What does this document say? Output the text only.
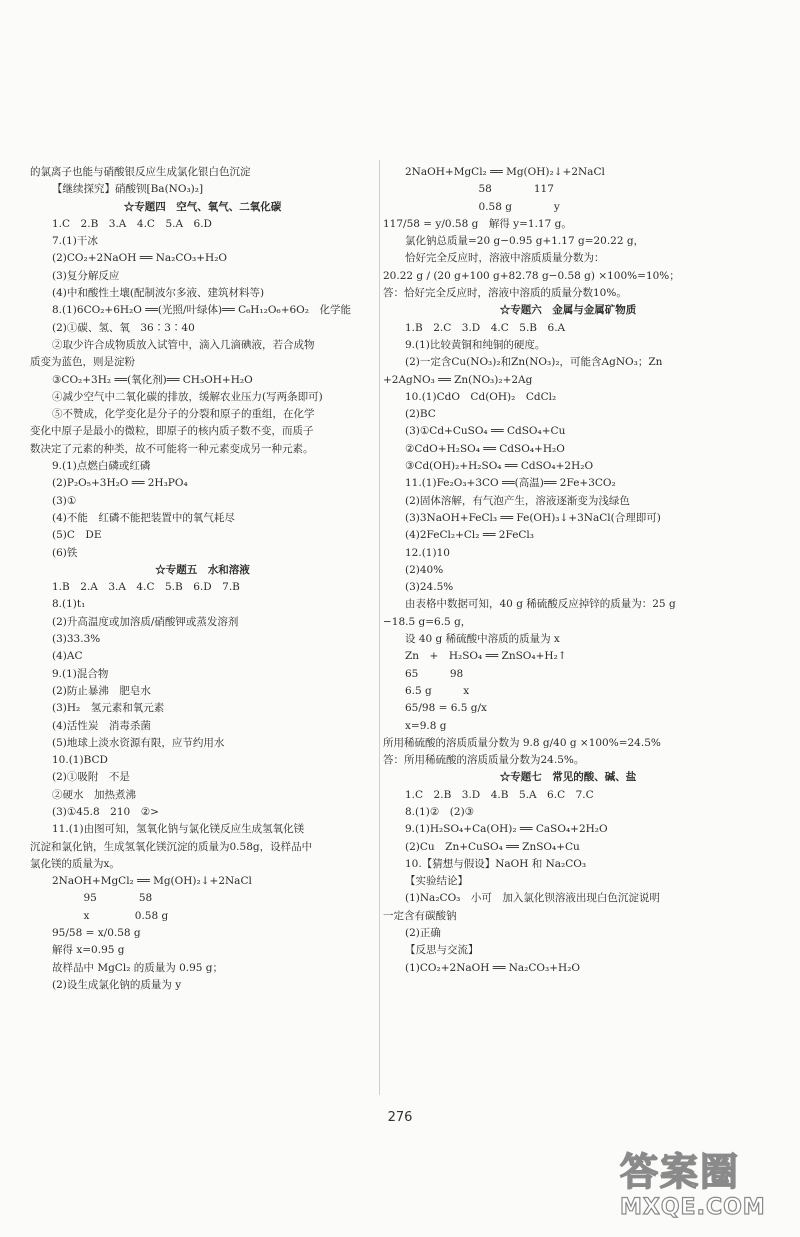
的氯离子也能与硝酸银反应生成氯化银白色沉淀
【继续探究】硝酸钡[Ba(NO₃)₂]
☆专题四　空气、氧气、二氧化碳
1.C　2.B　3.A　4.C　5.A　6.D
7.(1)干冰
(2)CO₂+2NaOH ══ Na₂CO₃+H₂O
(3)复分解反应
(4)中和酸性土壤(配制波尔多液、建筑材料等)
8.(1)6CO₂+6H₂O ══(光照/叶绿体)══ C₆H₁₂O₆+6O₂　化学能
(2)①碳、氢、氧　36∶3∶40
②取少许合成物质放入试管中，滴入几滴碘液，若合成物
质变为蓝色，则是淀粉
③CO₂+3H₂ ══(氧化剂)══ CH₃OH+H₂O
④减少空气中二氧化碳的排放，缓解农业压力(写两条即可)
⑤不赞成，化学变化是分子的分裂和原子的重组，在化学
变化中原子是最小的微粒，即原子的核内质子数不变，而质子
数决定了元素的种类，故不可能将一种元素变成另一种元素。
9.(1)点燃白磷或红磷
(2)P₂O₅+3H₂O ══ 2H₃PO₄
(3)①
(4)不能　红磷不能把装置中的氧气耗尽
(5)C　DE
(6)铁
☆专题五　水和溶液
1.B　2.A　3.A　4.C　5.B　6.D　7.B
8.(1)t₁
(2)升高温度或加溶质/硝酸钾或蒸发溶剂
(3)33.3%
(4)AC
9.(1)混合物
(2)防止暴沸　肥皂水
(3)H₂　氢元素和氧元素
(4)活性炭　消毒杀菌
(5)地球上淡水资源有限，应节约用水
10.(1)BCD
(2)①吸附　不是
②硬水　加热煮沸
(3)①45.8　210　②>
11.(1)由图可知，氢氧化钠与氯化镁反应生成氢氧化镁
沉淀和氯化钠，生成氢氧化镁沉淀的质量为0.58g，设样品中
氯化镁的质量为x。
2NaOH+MgCl₂ ══ Mg(OH)₂↓+2NaCl
　　　95　　　　58
　　　x　　　　 0.58 g
95/58 = x/0.58 g
解得 x=0.95 g
故样品中 MgCl₂ 的质量为 0.95 g；
(2)设生成氯化钠的质量为 y
2NaOH+MgCl₂ ══ Mg(OH)₂↓+2NaCl
　　　　　　　58　　　　117
　　　　　　　0.58 g　　　　y
117/58 = y/0.58 g　解得 y=1.17 g。
氯化钠总质量=20 g−0.95 g+1.17 g=20.22 g，
恰好完全反应时，溶液中溶质质量分数为：
20.22 g / (20 g+100 g+82.78 g−0.58 g) ×100%=10%；
答：恰好完全反应时，溶液中溶质的质量分数10%。
☆专题六　金属与金属矿物质
1.B　2.C　3.D　4.C　5.B　6.A
9.(1)比较黄铜和纯铜的硬度。
(2)一定含Cu(NO₃)₂和Zn(NO₃)₂，可能含AgNO₃；Zn
+2AgNO₃ ══ Zn(NO₃)₂+2Ag
10.(1)CdO　Cd(OH)₂　CdCl₂
(2)BC
(3)①Cd+CuSO₄ ══ CdSO₄+Cu
②CdO+H₂SO₄ ══ CdSO₄+H₂O
③Cd(OH)₂+H₂SO₄ ══ CdSO₄+2H₂O
11.(1)Fe₂O₃+3CO ══(高温)══ 2Fe+3CO₂
(2)固体溶解，有气泡产生，溶液逐渐变为浅绿色
(3)3NaOH+FeCl₃ ══ Fe(OH)₃↓+3NaCl(合理即可)
(4)2FeCl₂+Cl₂ ══ 2FeCl₃
12.(1)10
(2)40%
(3)24.5%
由表格中数据可知，40 g 稀硫酸反应掉锌的质量为：25 g
−18.5 g=6.5 g，
设 40 g 稀硫酸中溶质的质量为 x
Zn　+　H₂SO₄ ══ ZnSO₄+H₂↑
65　　　98
6.5 g　　　x
65/98 = 6.5 g/x
x=9.8 g
所用稀硫酸的溶质质量分数为 9.8 g/40 g ×100%=24.5%
答：所用稀硫酸的溶质质量分数为24.5%。
☆专题七　常见的酸、碱、盐
1.C　2.B　3.D　4.B　5.A　6.C　7.C
8.(1)②　(2)③
9.(1)H₂SO₄+Ca(OH)₂ ══ CaSO₄+2H₂O
(2)Cu　Zn+CuSO₄ ══ ZnSO₄+Cu
10.【猜想与假设】NaOH 和 Na₂CO₃
【实验结论】
(1)Na₂CO₃　小可　加入氯化钡溶液出现白色沉淀说明
一定含有碳酸钠
(2)正确
【反思与交流】
(1)CO₂+2NaOH ══ Na₂CO₃+H₂O
276
答案圈
MXQE.COM
